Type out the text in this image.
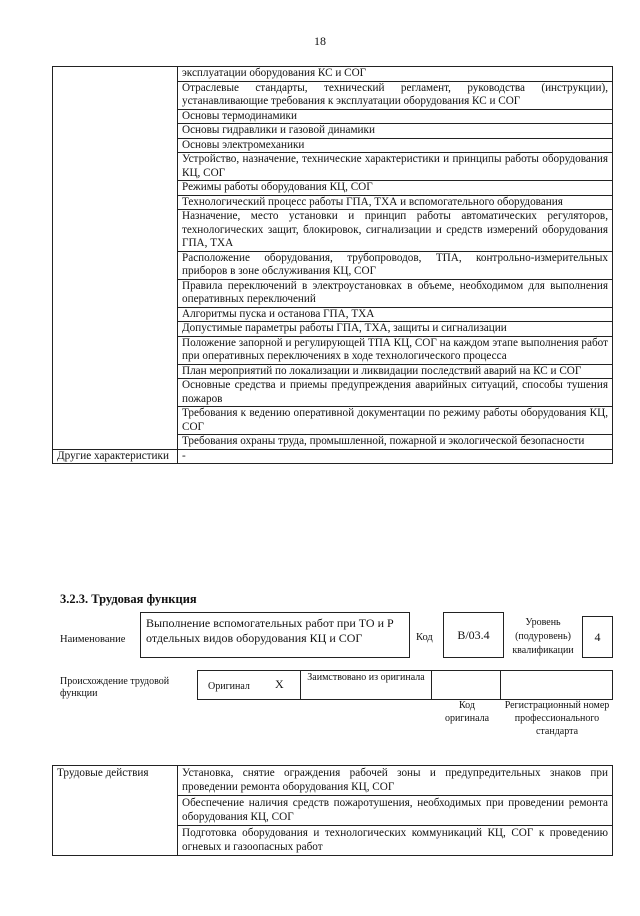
18
	эксплуатации оборудования КС и СОГ
	Отраслевые стандарты, технический регламент, руководства (инструкции), устанавливающие требования к эксплуатации оборудования КС и СОГ
	Основы термодинамики
	Основы гидравлики и газовой динамики
	Основы электромеханики
	Устройство, назначение, технические характеристики и принципы работы оборудования КЦ, СОГ
	Режимы работы оборудования КЦ, СОГ
	Технологический процесс работы ГПА, ТХА и вспомогательного оборудования
	Назначение, место установки и принцип работы автоматических регуляторов, технологических защит, блокировок, сигнализации и средств измерений оборудования ГПА, ТХА
	Расположение оборудования, трубопроводов, ТПА, контрольно-измерительных приборов в зоне обслуживания КЦ, СОГ
	Правила переключений в электроустановках в объеме, необходимом для выполнения оперативных переключений
	Алгоритмы пуска и останова ГПА, ТХА
	Допустимые параметры работы ГПА, ТХА, защиты и сигнализации
	Положение запорной и регулирующей ТПА КЦ, СОГ на каждом этапе выполнения работ при оперативных переключениях в ходе технологического процесса
	План мероприятий по локализации и ликвидации последствий аварий на КС и СОГ
	Основные средства и приемы предупреждения аварийных ситуаций, способы тушения пожаров
	Требования к ведению оперативной документации по режиму работы оборудования КЦ, СОГ
	Требования охраны труда, промышленной, пожарной и экологической безопасности
Другие характеристики	-
3.2.3. Трудовая функция
Наименование
Выполнение вспомогательных работ при ТО и Р отдельных видов оборудования КЦ и СОГ	Код	B/03.4
Уровень (подуровень) квалификации
4
Происхождение трудовой функции
Оригинал X Заимствовано из оригинала
Код оригинала
Регистрационный номер профессионального стандарта
Трудовые действия	Установка, снятие ограждения рабочей зоны и предупредительных знаков при проведении ремонта оборудования КЦ, СОГ
Обеспечение наличия средств пожаротушения, необходимых при проведении ремонта оборудования КЦ, СОГ
Подготовка оборудования и технологических коммуникаций КЦ, СОГ к проведению огневых и газоопасных работ
